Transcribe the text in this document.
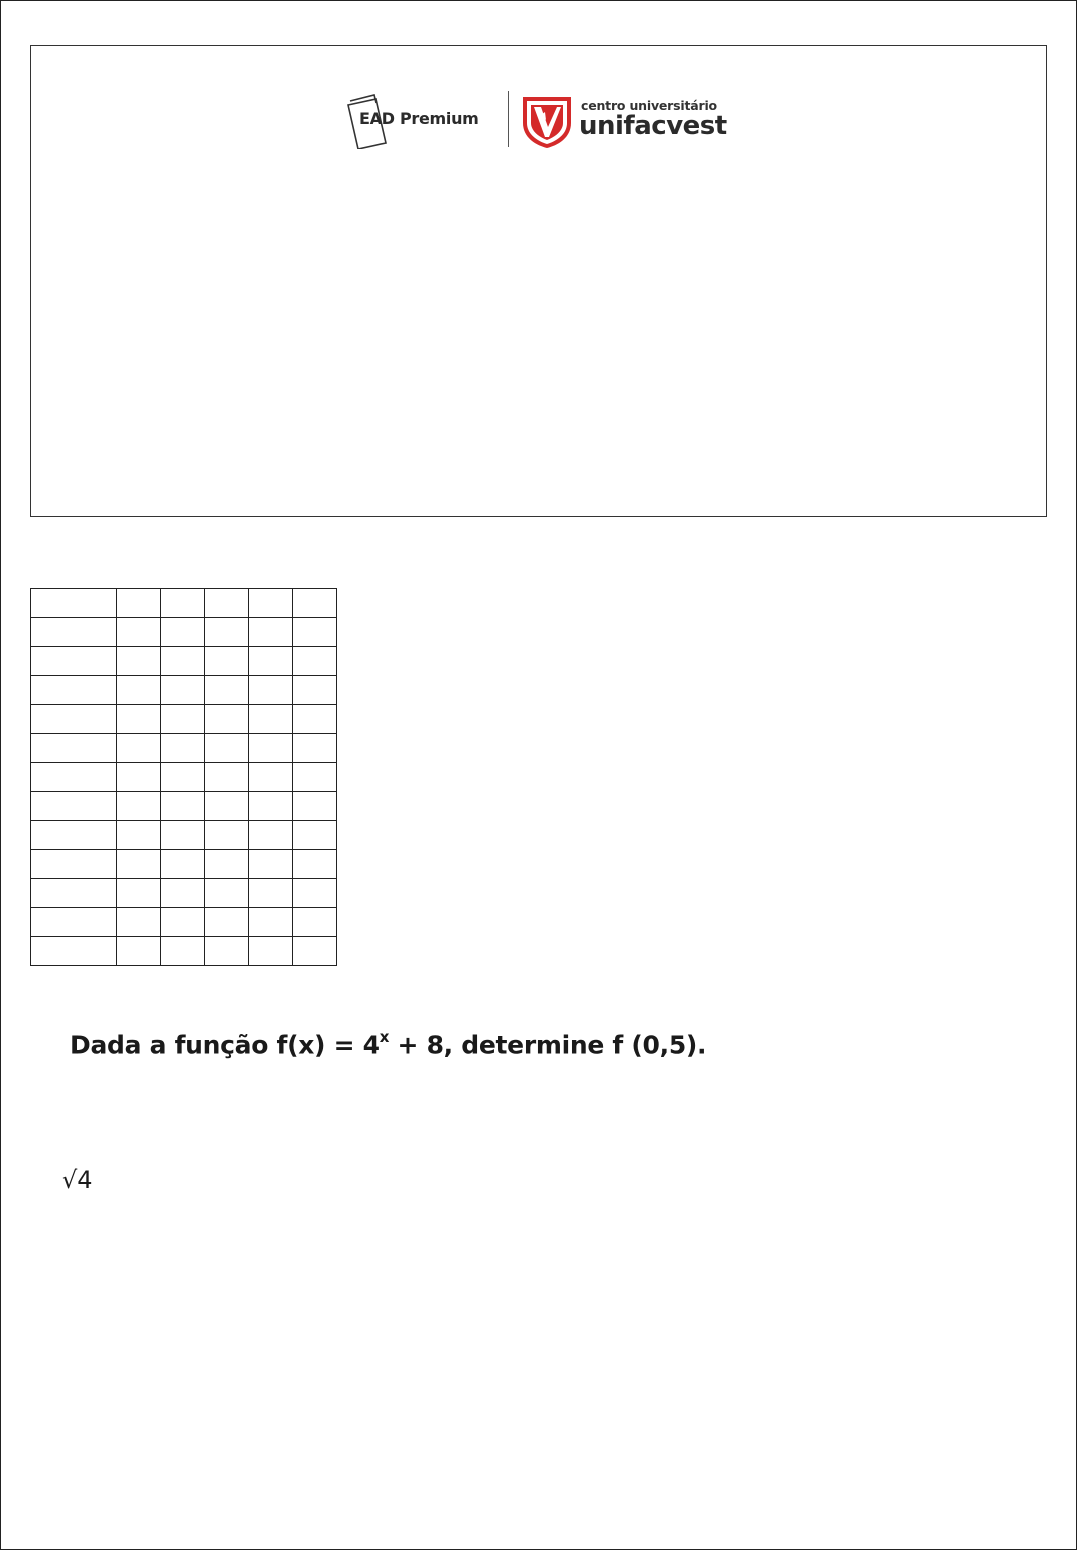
EAD Premium
centro universitário
unifacvest

Dada a função $f(x) = 4^x + 8$, determine f (0,5).
√4
